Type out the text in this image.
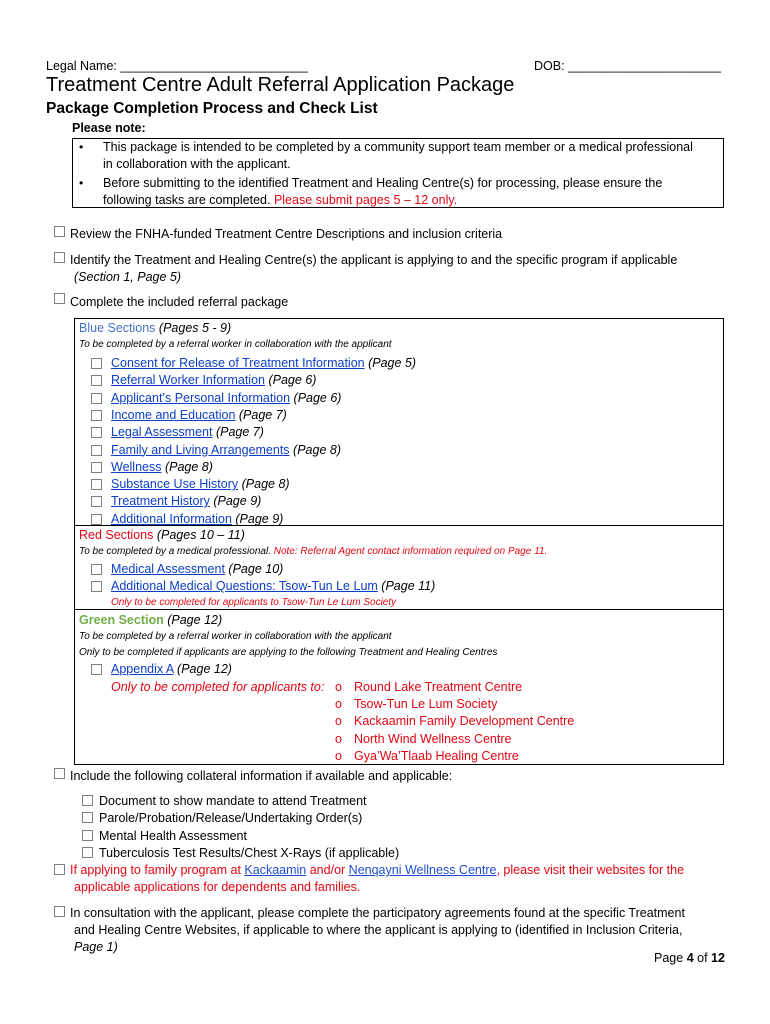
Legal Name: ___________________________	DOB: ______________________
Treatment Centre Adult Referral Application Package
Package Completion Process and Check List
Please note:
• This package is intended to be completed by a community support team member or a medical professional
in collaboration with the applicant.
• Before submitting to the identified Treatment and Healing Centre(s) for processing, please ensure the
following tasks are completed. Please submit pages 5 – 12 only.
Review the FNHA-funded Treatment Centre Descriptions and inclusion criteria
Identify the Treatment and Healing Centre(s) the applicant is applying to and the specific program if applicable
(Section 1, Page 5)
Complete the included referral package
Blue Sections (Pages 5 - 9)
To be completed by a referral worker in collaboration with the applicant
Consent for Release of Treatment Information (Page 5)
Referral Worker Information (Page 6)
Applicant’s Personal Information (Page 6)
Income and Education (Page 7)
Legal Assessment (Page 7)
Family and Living Arrangements (Page 8)
Wellness (Page 8)
Substance Use History (Page 8)
Treatment History (Page 9)
Additional Information (Page 9)
Red Sections (Pages 10 – 11)
To be completed by a medical professional. Note: Referral Agent contact information required on Page 11.
Medical Assessment (Page 10)
Additional Medical Questions: Tsow-Tun Le Lum (Page 11)
Only to be completed for applicants to Tsow-Tun Le Lum Society
Green Section (Page 12)
To be completed by a referral worker in collaboration with the applicant
Only to be completed if applicants are applying to the following Treatment and Healing Centres
Appendix A (Page 12)
Only to be completed for applicants to: o Round Lake Treatment Centre
o Tsow-Tun Le Lum Society
o Kackaamin Family Development Centre
o North Wind Wellness Centre
o Gya’Wa’Tlaab Healing Centre
Include the following collateral information if available and applicable:
Document to show mandate to attend Treatment
Parole/Probation/Release/Undertaking Order(s)
Mental Health Assessment
Tuberculosis Test Results/Chest X-Rays (if applicable)
If applying to family program at Kackaamin and/or Nenqayni Wellness Centre, please visit their websites for the
applicable applications for dependents and families.
In consultation with the applicant, please complete the participatory agreements found at the specific Treatment
and Healing Centre Websites, if applicable to where the applicant is applying to (identified in Inclusion Criteria,
Page 1)
Page 4 of 12
